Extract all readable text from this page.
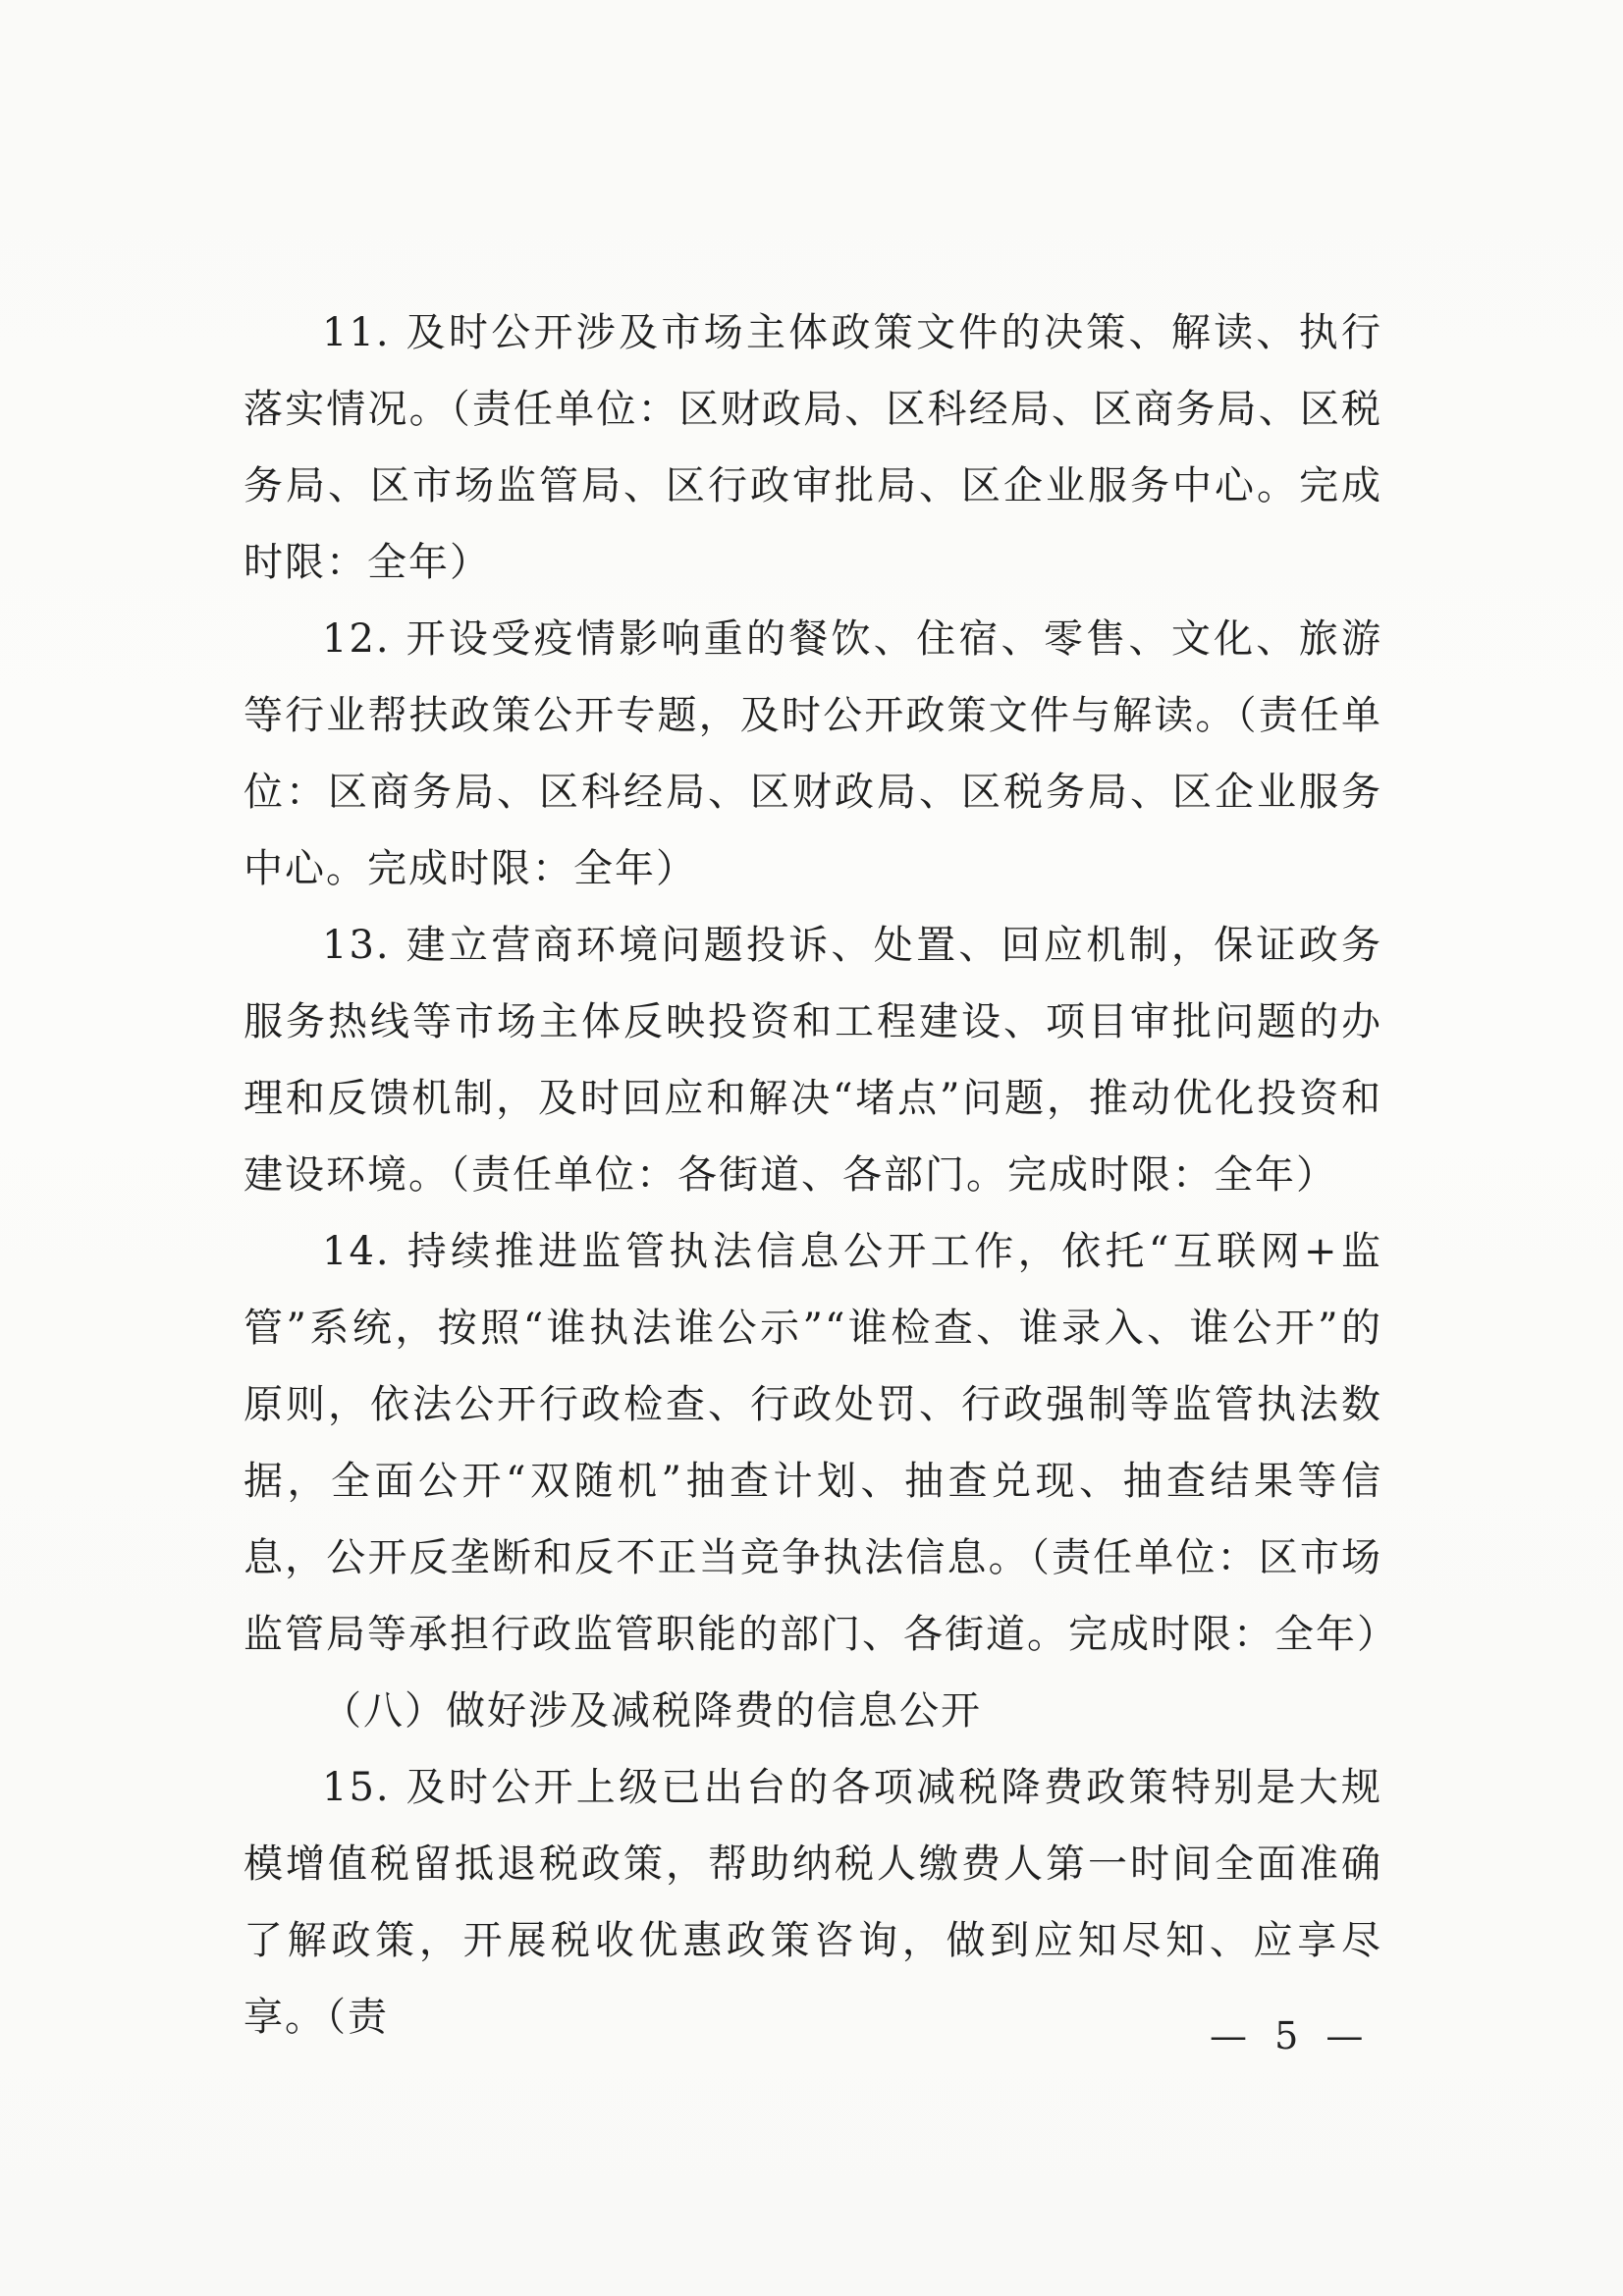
11. 及时公开涉及市场主体政策文件的决策、解读、执行落实情况。（责任单位：区财政局、区科经局、区商务局、区税务局、区市场监管局、区行政审批局、区企业服务中心。完成时限：全年）

12. 开设受疫情影响重的餐饮、住宿、零售、文化、旅游等行业帮扶政策公开专题，及时公开政策文件与解读。（责任单位：区商务局、区科经局、区财政局、区税务局、区企业服务中心。完成时限：全年）

13. 建立营商环境问题投诉、处置、回应机制，保证政务服务热线等市场主体反映投资和工程建设、项目审批问题的办理和反馈机制，及时回应和解决“堵点”问题，推动优化投资和建设环境。（责任单位：各街道、各部门。完成时限：全年）

14. 持续推进监管执法信息公开工作，依托“互联网+监管”系统，按照“谁执法谁公示”“谁检查、谁录入、谁公开”的原则，依法公开行政检查、行政处罚、行政强制等监管执法数据，全面公开“双随机”抽查计划、抽查兑现、抽查结果等信息，公开反垄断和反不正当竞争执法信息。（责任单位：区市场监管局等承担行政监管职能的部门、各街道。完成时限：全年）

（八）做好涉及减税降费的信息公开

15. 及时公开上级已出台的各项减税降费政策特别是大规模增值税留抵退税政策，帮助纳税人缴费人第一时间全面准确了解政策，开展税收优惠政策咨询，做到应知尽知、应享尽享。（责	— 5 —
